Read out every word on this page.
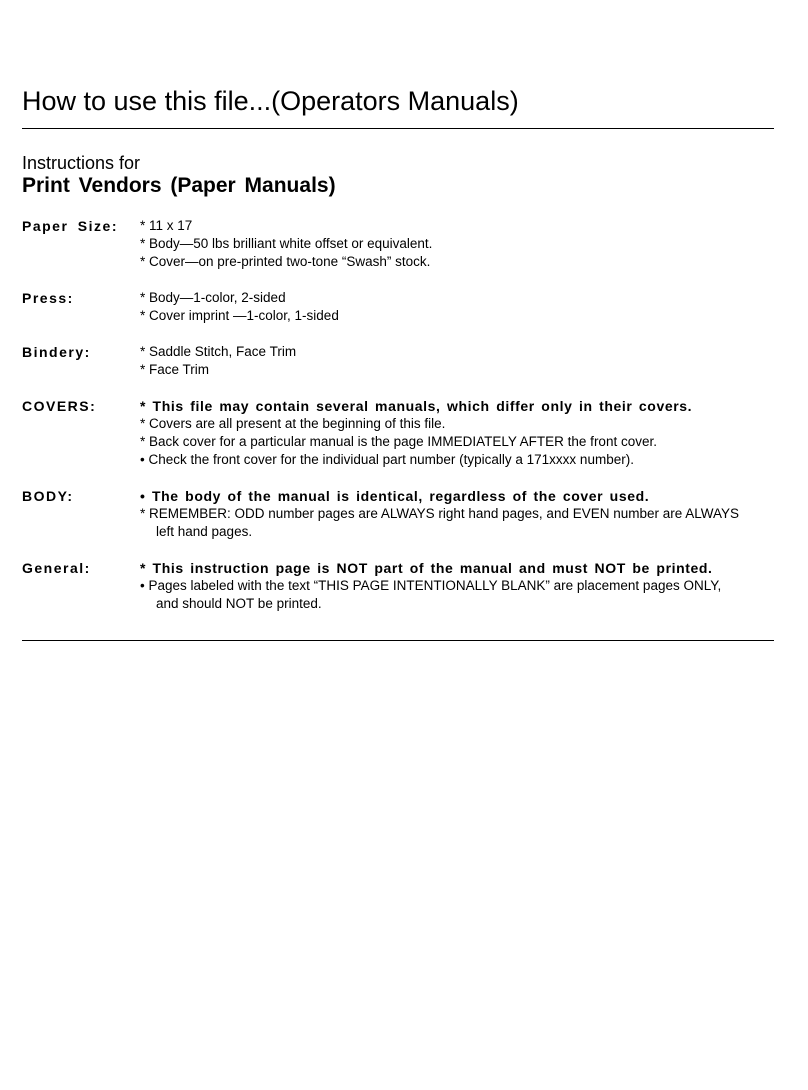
How to use this file...(Operators Manuals)
Instructions for
Print Vendors (Paper Manuals)
Paper Size: * 11 x 17
* Body—50 lbs brilliant white offset or equivalent.
* Cover—on pre-printed two-tone “Swash” stock.
Press:	* Body—1-color, 2-sided
* Cover imprint —1-color, 1-sided
Bindery:	* Saddle Stitch, Face Trim
* Face Trim
COVERS:	* This file may contain several manuals, which differ only in their covers.
* Covers are all present at the beginning of this file.
* Back cover for a particular manual is the page IMMEDIATELY AFTER the front cover.
• Check the front cover for the individual part number (typically a 171xxxx number).
BODY:	• The body of the manual is identical, regardless of the cover used.
* REMEMBER: ODD number pages are ALWAYS right hand pages, and EVEN number are ALWAYS
left hand pages.
General:	* This instruction page is NOT part of the manual and must NOT be printed.
• Pages labeled with the text “THIS PAGE INTENTIONALLY BLANK” are placement pages ONLY,
and should NOT be printed.
